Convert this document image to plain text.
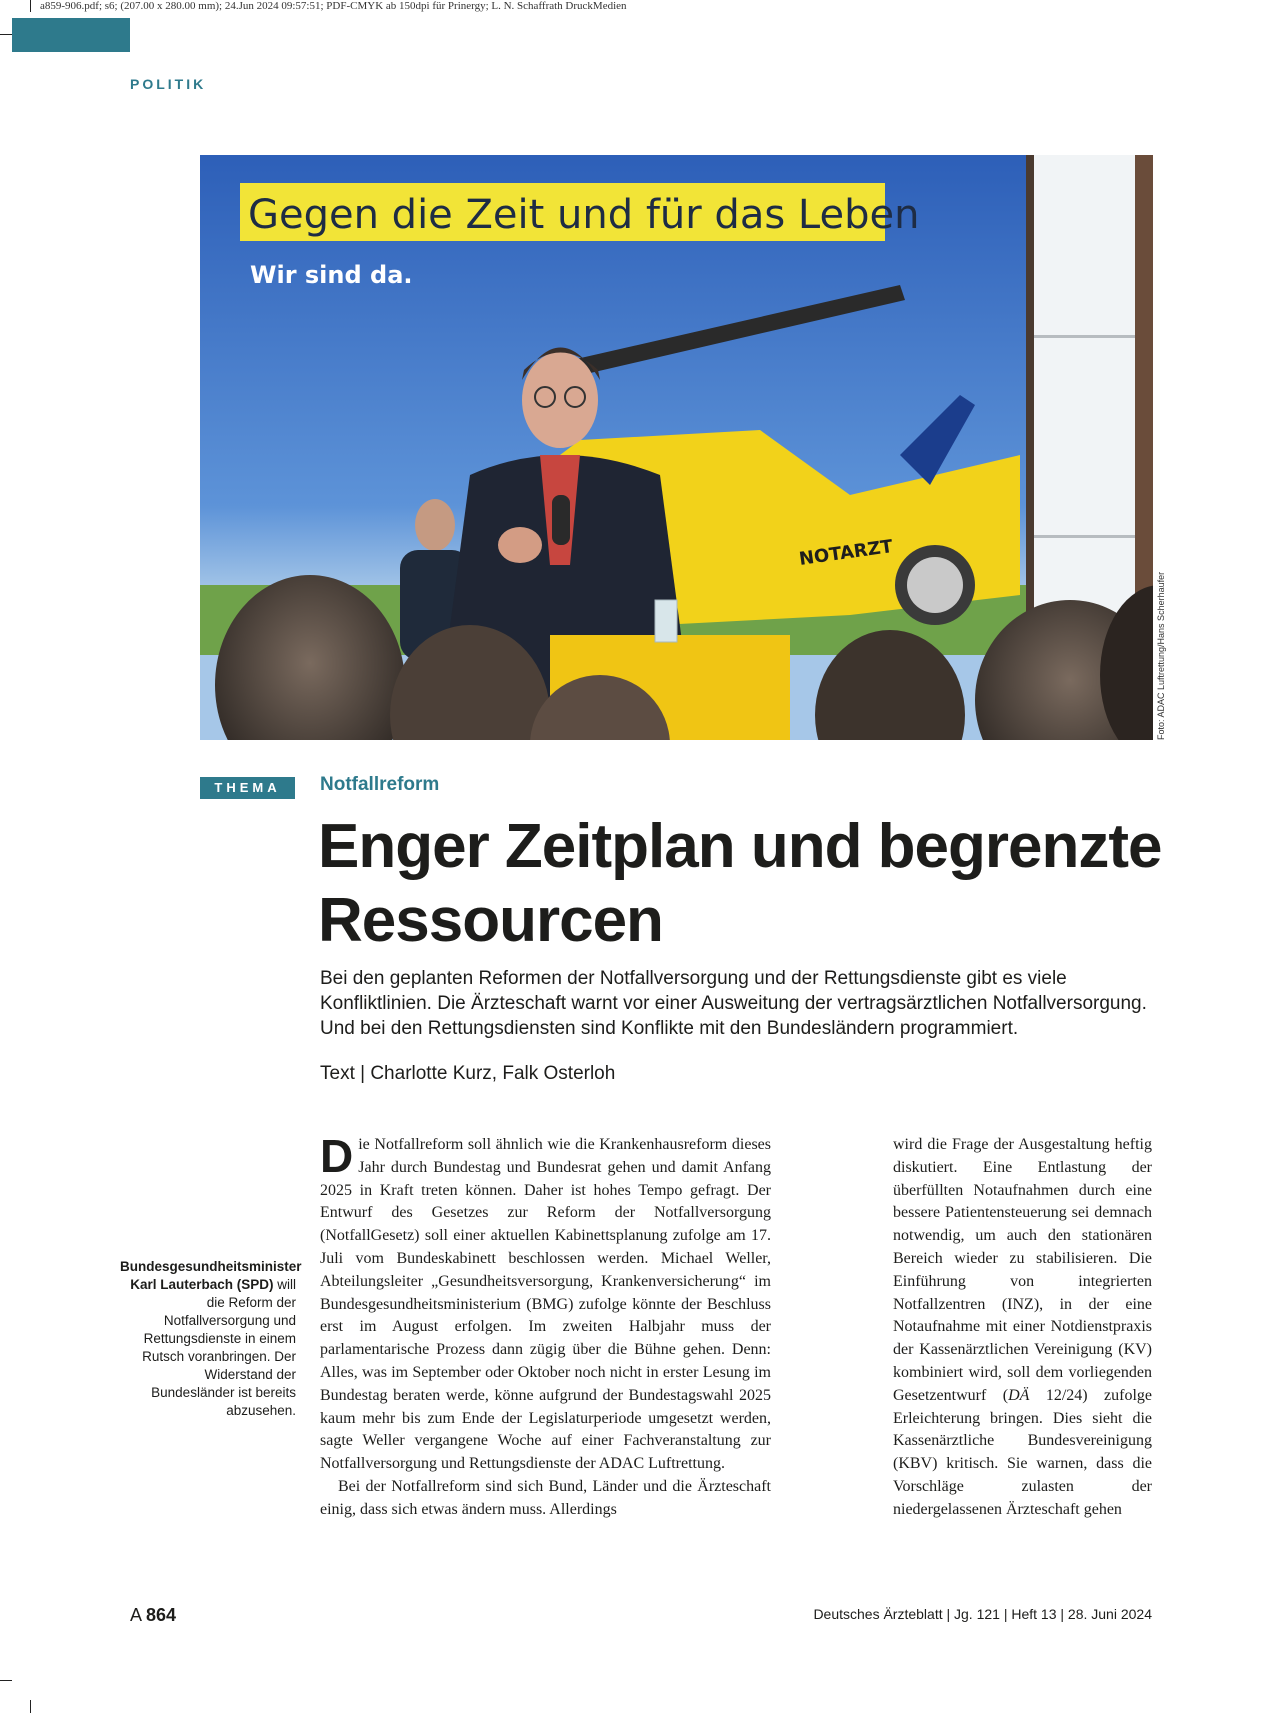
a859-906.pdf; s6; (207.00 x 280.00 mm); 24.Jun 2024 09:57:51; PDF-CMYK ab 150dpi für Prinergy; L. N. Schaffrath DruckMedien
POLITIK
Gegen die Zeit und für das Leben
Wir sind da.
NOTARZT
Foto: ADAC Luftrettung/Hans Scherhaufer
THEMA	Notfallreform
Enger Zeitplan und begrenzte Ressourcen
Bei den geplanten Reformen der Notfallversorgung und der Rettungsdienste gibt es viele Konfliktlinien. Die Ärzteschaft warnt vor einer Ausweitung der vertragsärztlichen Notfallversorgung. Und bei den Rettungsdiensten sind Konflikte mit den Bundesländern programmiert.
Text | Charlotte Kurz, Falk Osterloh
Bundesgesundheitsminister Karl Lauterbach (SPD) will die Reform der Notfallversorgung und Rettungsdienste in einem Rutsch voranbringen. Der Widerstand der Bundesländer ist bereits abzusehen.

Die Notfallreform soll ähnlich wie die Krankenhausreform dieses Jahr durch Bundestag und Bundesrat gehen und damit Anfang 2025 in Kraft treten können. Daher ist hohes Tempo gefragt. Der Entwurf des Gesetzes zur Reform der Notfallversorgung (NotfallGesetz) soll einer aktuellen Kabinettsplanung zufolge am 17. Juli vom Bundeskabinett beschlossen werden. Michael Weller, Abteilungsleiter „Gesundheitsversorgung, Krankenversicherung“ im Bundesgesundheitsministerium (BMG) zufolge könnte der Beschluss erst im August erfolgen. Im zweiten Halbjahr muss der parlamentarische Prozess dann zügig über die Bühne gehen. Denn: Alles, was im September oder Oktober noch nicht in erster Lesung im Bundestag beraten werde, könne aufgrund der Bundestagswahl 2025 kaum mehr bis zum Ende der Legislaturperiode umgesetzt werden, sagte Weller vergangene Woche auf einer Fachveranstaltung zur Notfallversorgung und Rettungsdienste der ADAC Luftrettung.

Bei der Notfallreform sind sich Bund, Länder und die Ärzteschaft einig, dass sich etwas ändern muss. Allerdings

wird die Frage der Ausgestaltung heftig diskutiert. Eine Entlastung der überfüllten Notaufnahmen durch eine bessere Patientensteuerung sei demnach notwendig, um auch den stationären Bereich wieder zu stabilisieren. Die Einführung von integrierten Notfallzentren (INZ), in der eine Notaufnahme mit einer Notdienstpraxis der Kassenärztlichen Vereinigung (KV) kombiniert wird, soll dem vorliegenden Gesetzentwurf (DÄ 12/24) zufolge Erleichterung bringen. Dies sieht die Kassenärztliche Bundesvereinigung (KBV) kritisch. Sie warnen, dass die Vorschläge zulasten der niedergelassenen Ärzteschaft gehen

A 864	Deutsches Ärzteblatt | Jg. 121 | Heft 13 | 28. Juni 2024
